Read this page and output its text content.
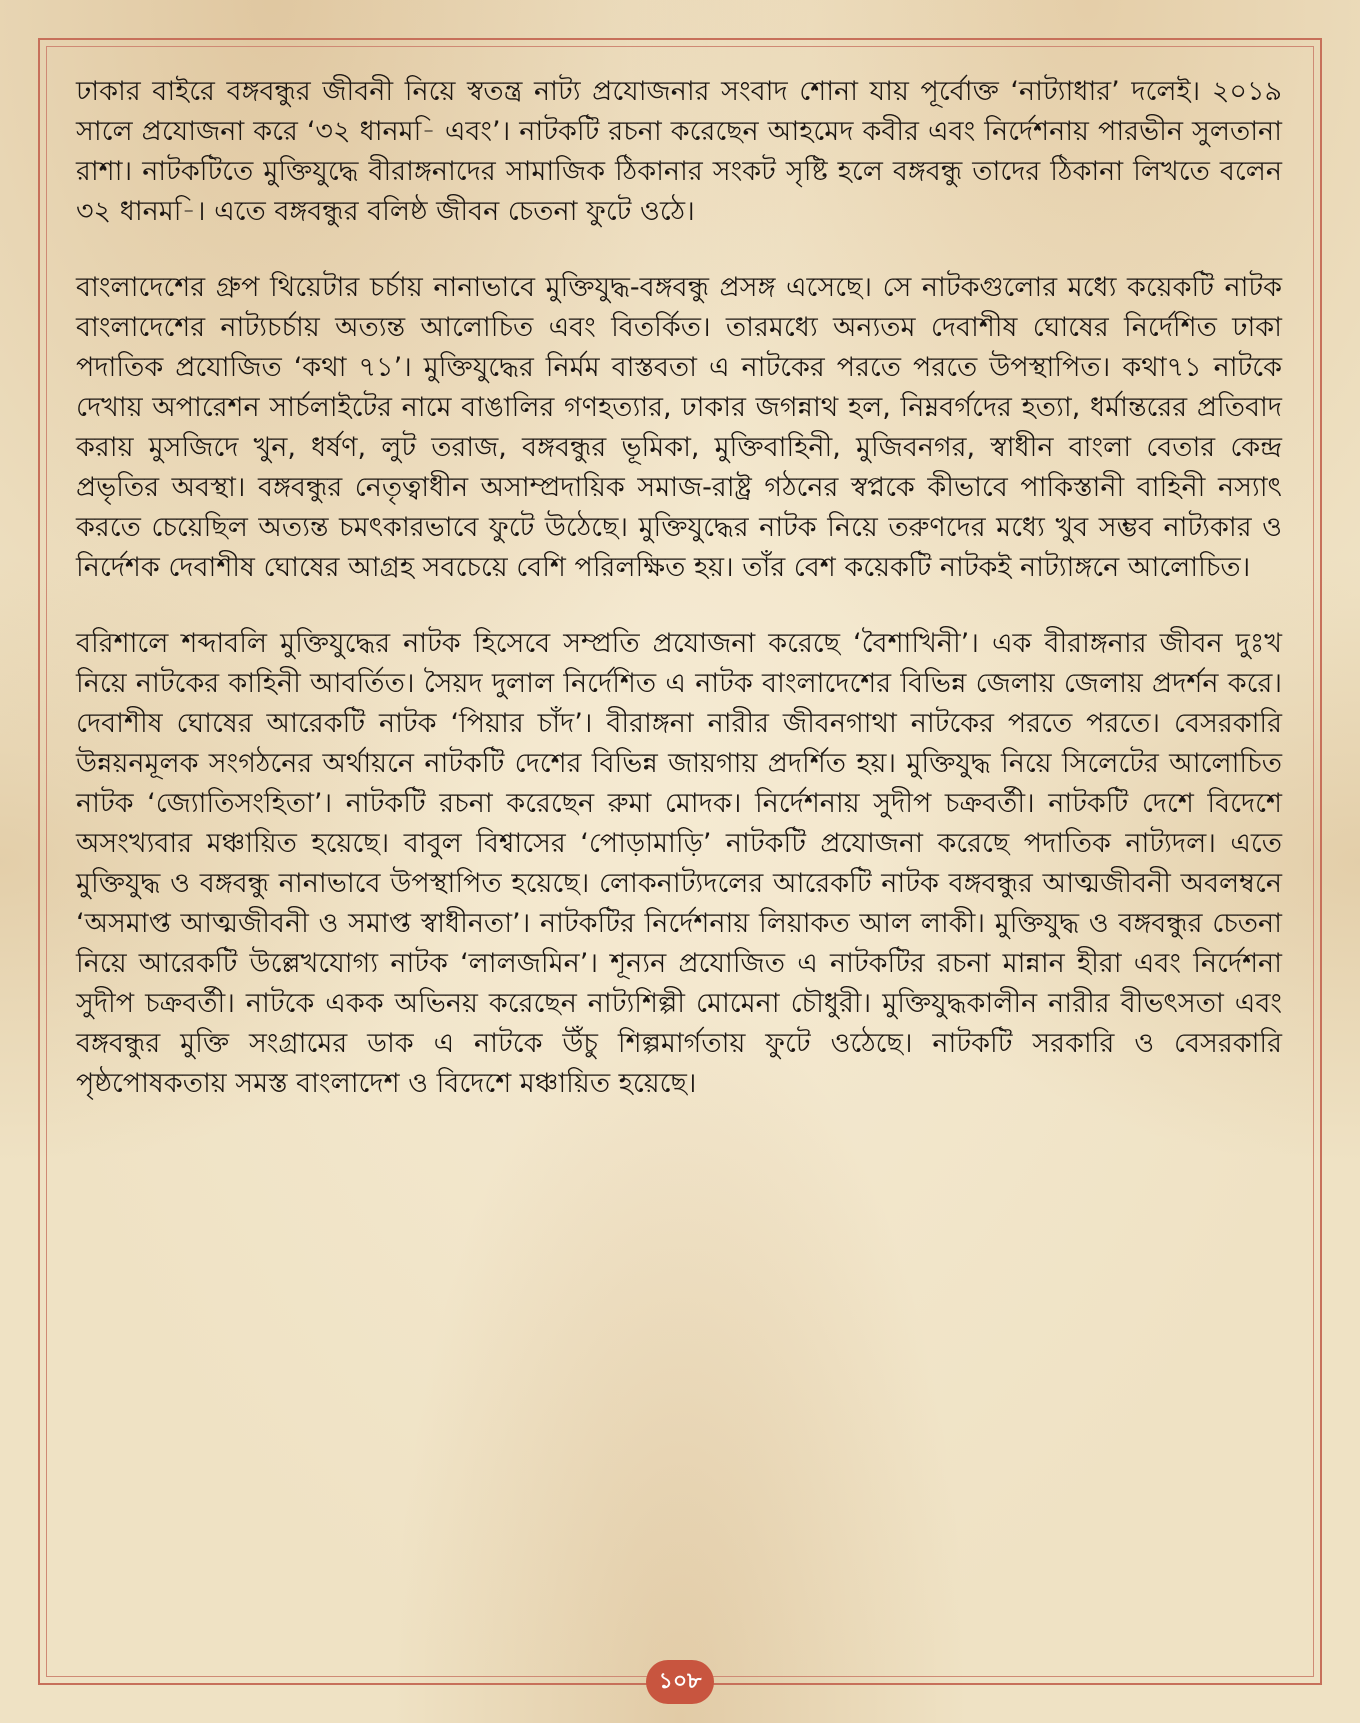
ঢাকার বাইরে বঙ্গবন্ধুর জীবনী নিয়ে স্বতন্ত্র নাট্য প্রযোজনার সংবাদ শোনা যায় পূর্বোক্ত ‘নাট্যাধার’ দলেই। ২০১৯ সালে প্রযোজনা করে ‘৩২ ধানম-ি এবং’। নাটকটি রচনা করেছেন আহমেদ কবীর এবং নির্দেশনায় পারভীন সুলতানা রাশা। নাটকটিতে মুক্তিযুদ্ধে বীরাঙ্গনাদের সামাজিক ঠিকানার সংকট সৃষ্টি হলে বঙ্গবন্ধু তাদের ঠিকানা লিখতে বলেন ৩২ ধানম-ি। এতে বঙ্গবন্ধুর বলিষ্ঠ জীবন চেতনা ফুটে ওঠে।

বাংলাদেশের গ্রুপ থিয়েটার চর্চায় নানাভাবে মুক্তিযুদ্ধ-বঙ্গবন্ধু প্রসঙ্গ এসেছে। সে নাটকগুলোর মধ্যে কয়েকটি নাটক বাংলাদেশের নাট্যচর্চায় অত্যন্ত আলোচিত এবং বিতর্কিত। তারমধ্যে অন্যতম দেবাশীষ ঘোষের নির্দেশিত ঢাকা পদাতিক প্রযোজিত ‘কথা ৭১’। মুক্তিযুদ্ধের নির্মম বাস্তবতা এ নাটকের পরতে পরতে উপস্থাপিত। কথা৭১ নাটকে দেখায় অপারেশন সার্চলাইটের নামে বাঙালির গণহত্যার, ঢাকার জগন্নাথ হল, নিম্নবর্গদের হত্যা, ধর্মান্তরের প্রতিবাদ করায় মুসজিদে খুন, ধর্ষণ, লুট তরাজ, বঙ্গবন্ধুর ভূমিকা, মুক্তিবাহিনী, মুজিবনগর, স্বাধীন বাংলা বেতার কেন্দ্র প্রভৃতির অবস্থা। বঙ্গবন্ধুর নেতৃত্বাধীন অসাম্প্রদায়িক সমাজ-রাষ্ট্র গঠনের স্বপ্নকে কীভাবে পাকিস্তানী বাহিনী নস্যাৎ করতে চেয়েছিল অত্যন্ত চমৎকারভাবে ফুটে উঠেছে। মুক্তিযুদ্ধের নাটক নিয়ে তরুণদের মধ্যে খুব সম্ভব নাট্যকার ও নির্দেশক দেবাশীষ ঘোষের আগ্রহ সবচেয়ে বেশি পরিলক্ষিত হয়। তাঁর বেশ কয়েকটি নাটকই নাট্যাঙ্গনে আলোচিত।

বরিশালে শব্দাবলি মুক্তিযুদ্ধের নাটক হিসেবে সম্প্রতি প্রযোজনা করেছে ‘বৈশাখিনী’। এক বীরাঙ্গনার জীবন দুঃখ নিয়ে নাটকের কাহিনী আবর্তিত। সৈয়দ দুলাল নির্দেশিত এ নাটক বাংলাদেশের বিভিন্ন জেলায় জেলায় প্রদর্শন করে। দেবাশীষ ঘোষের আরেকটি নাটক ‘পিয়ার চাঁদ’। বীরাঙ্গনা নারীর জীবনগাথা নাটকের পরতে পরতে। বেসরকারি উন্নয়নমূলক সংগঠনের অর্থায়নে নাটকটি দেশের বিভিন্ন জায়গায় প্রদর্শিত হয়। মুক্তিযুদ্ধ নিয়ে সিলেটের আলোচিত নাটক ‘জ্যোতিসংহিতা’। নাটকটি রচনা করেছেন রুমা মোদক। নির্দেশনায় সুদীপ চক্রবর্তী। নাটকটি দেশে বিদেশে অসংখ্যবার মঞ্চায়িত হয়েছে। বাবুল বিশ্বাসের ‘পোড়ামাড়ি’ নাটকটি প্রযোজনা করেছে পদাতিক নাট্যদল। এতে মুক্তিযুদ্ধ ও বঙ্গবন্ধু নানাভাবে উপস্থাপিত হয়েছে। লোকনাট্যদলের আরেকটি নাটক বঙ্গবন্ধুর আত্মজীবনী অবলম্বনে ‘অসমাপ্ত আত্মজীবনী ও সমাপ্ত স্বাধীনতা’। নাটকটির নির্দেশনায় লিয়াকত আল লাকী। মুক্তিযুদ্ধ ও বঙ্গবন্ধুর চেতনা নিয়ে আরেকটি উল্লেখযোগ্য নাটক ‘লালজমিন’। শূন্যন প্রযোজিত এ নাটকটির রচনা মান্নান হীরা এবং নির্দেশনা সুদীপ চক্রবর্তী। নাটকে একক অভিনয় করেছেন নাট্যশিল্পী মোমেনা চৌধুরী। মুক্তিযুদ্ধকালীন নারীর বীভৎসতা এবং বঙ্গবন্ধুর মুক্তি সংগ্রামের ডাক এ নাটকে উঁচু শিল্পমার্গতায় ফুটে ওঠেছে। নাটকটি সরকারি ও বেসরকারি পৃষ্ঠপোষকতায় সমস্ত বাংলাদেশ ও বিদেশে মঞ্চায়িত হয়েছে।

১০৮
